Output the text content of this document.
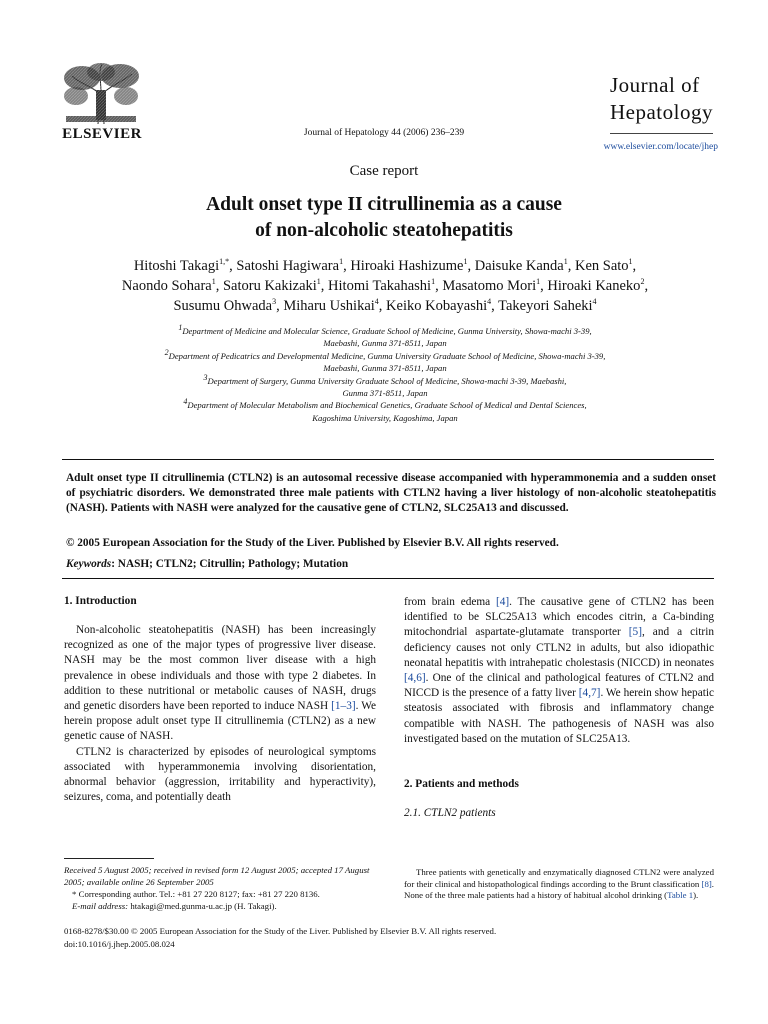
ELSEVIER	Journal of Hepatology 44 (2006) 236–239
Journal of
Hepatology
www.elsevier.com/locate/jhep
Case report
Adult onset type II citrullinemia as a cause
of non-alcoholic steatohepatitis
Hitoshi Takagi$^{1,*}$, Satoshi Hagiwara$^1$, Hiroaki Hashizume$^1$, Daisuke Kanda$^1$, Ken Sato$^1$,
Naondo Sohara$^1$, Satoru Kakizaki$^1$, Hitomi Takahashi$^1$, Masatomo Mori$^1$, Hiroaki Kaneko$^2$,
Susumu Ohwada$^3$, Miharu Ushikai$^4$, Keiko Kobayashi$^4$, Takeyori Saheki$^4$
$^1$Department of Medicine and Molecular Science, Graduate School of Medicine, Gunma University, Showa-machi 3-39,
Maebashi, Gunma 371-8511, Japan
$^2$Department of Pedicatrics and Developmental Medicine, Gunma University Graduate School of Medicine, Showa-machi 3-39,
Maebashi, Gunma 371-8511, Japan
$^3$Department of Surgery, Gunma University Graduate School of Medicine, Showa-machi 3-39, Maebashi,
Gunma 371-8511, Japan
$^4$Department of Molecular Metabolism and Biochemical Genetics, Graduate School of Medical and Dental Sciences,
Kagoshima University, Kagoshima, Japan
Adult onset type II citrullinemia (CTLN2) is an autosomal recessive disease accompanied with hyperammonemia and a sudden onset of psychiatric disorders. We demonstrated three male patients with CTLN2 having a liver histology of non-alcoholic steatohepatitis (NASH). Patients with NASH were analyzed for the causative gene of CTLN2, SLC25A13 and discussed.
© 2005 European Association for the Study of the Liver. Published by Elsevier B.V. All rights reserved.
Keywords: NASH; CTLN2; Citrullin; Pathology; Mutation
1. Introduction
Non-alcoholic steatohepatitis (NASH) has been increasingly recognized as one of the major types of progressive liver disease. NASH may be the most common liver disease with a high prevalence in obese individuals and those with type 2 diabetes. In addition to these nutritional or metabolic causes of NASH, drugs and genetic disorders have been reported to induce NASH [1–3]. We herein propose adult onset type II citrullinemia (CTLN2) as a new genetic cause of NASH.
CTLN2 is characterized by episodes of neurological symptoms associated with hyperammonemia involving disorientation, abnormal behavior (aggression, irritability and hyperactivity), seizures, coma, and potentially death
from brain edema [4]. The causative gene of CTLN2 has been identified to be SLC25A13 which encodes citrin, a Ca-binding mitochondrial aspartate-glutamate transporter [5], and a citrin deficiency causes not only CTLN2 in adults, but also idiopathic neonatal hepatitis with intrahepatic cholestasis (NICCD) in neonates [4,6]. One of the clinical and pathological features of CTLN2 and NICCD is the presence of a fatty liver [4,7]. We herein show hepatic steatosis associated with fibrosis and inflammatory change compatible with NASH. The pathogenesis of NASH was also investigated based on the mutation of SLC25A13.
2. Patients and methods
2.1. CTLN2 patients
Received 5 August 2005; received in revised form 12 August 2005; accepted 17 August 2005; available online 26 September 2005
* Corresponding author. Tel.: +81 27 220 8127; fax: +81 27 220 8136.
E-mail address: htakagi@med.gunma-u.ac.jp (H. Takagi).
Three patients with genetically and enzymatically diagnosed CTLN2 were analyzed for their clinical and histopathological findings according to the Brunt classification [8]. None of the three male patients had a history of habitual alcohol drinking (Table 1).
0168-8278/$30.00 © 2005 European Association for the Study of the Liver. Published by Elsevier B.V. All rights reserved.
doi:10.1016/j.jhep.2005.08.024
